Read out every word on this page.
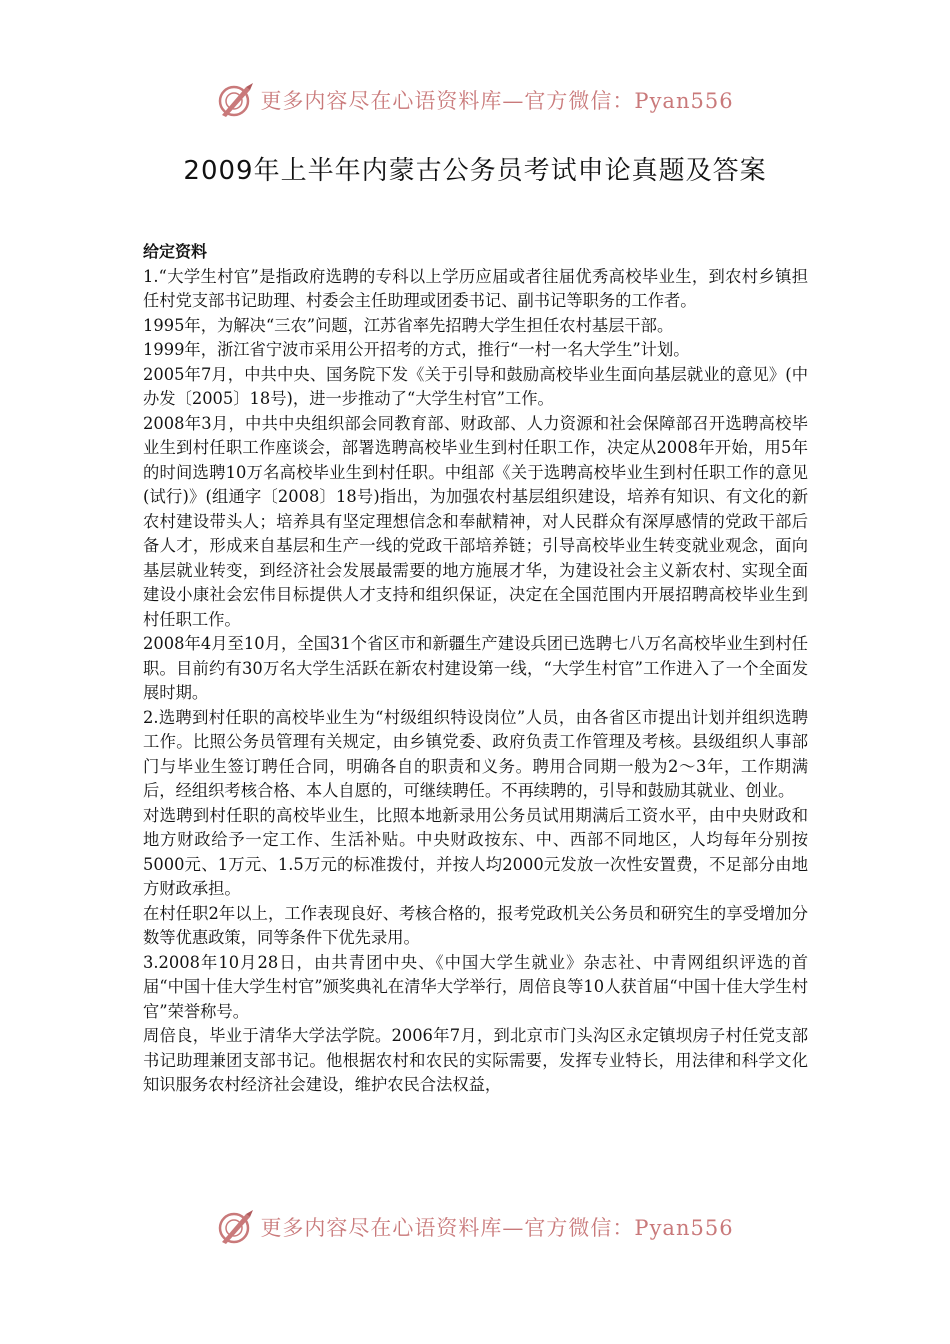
更多内容尽在心语资料库—官方微信：Pyan556
2009年上半年内蒙古公务员考试申论真题及答案
给定资料

1.“大学生村官”是指政府选聘的专科以上学历应届或者往届优秀高校毕业生，到农村乡镇担任村党支部书记助理、村委会主任助理或团委书记、副书记等职务的工作者。

1995年，为解决“三农”问题，江苏省率先招聘大学生担任农村基层干部。

1999年，浙江省宁波市采用公开招考的方式，推行“一村一名大学生”计划。

2005年7月，中共中央、国务院下发《关于引导和鼓励高校毕业生面向基层就业的意见》(中办发〔2005〕18号)，进一步推动了“大学生村官”工作。

2008年3月，中共中央组织部会同教育部、财政部、人力资源和社会保障部召开选聘高校毕业生到村任职工作座谈会，部署选聘高校毕业生到村任职工作，决定从2008年开始，用5年的时间选聘10万名高校毕业生到村任职。中组部《关于选聘高校毕业生到村任职工作的意见(试行)》(组通字〔2008〕18号)指出，为加强农村基层组织建设，培养有知识、有文化的新农村建设带头人；培养具有坚定理想信念和奉献精神，对人民群众有深厚感情的党政干部后备人才，形成来自基层和生产一线的党政干部培养链；引导高校毕业生转变就业观念，面向基层就业转变，到经济社会发展最需要的地方施展才华，为建设社会主义新农村、实现全面建设小康社会宏伟目标提供人才支持和组织保证，决定在全国范围内开展招聘高校毕业生到村任职工作。

2008年4月至10月，全国31个省区市和新疆生产建设兵团已选聘七八万名高校毕业生到村任职。目前约有30万名大学生活跃在新农村建设第一线，“大学生村官”工作进入了一个全面发展时期。

2.选聘到村任职的高校毕业生为“村级组织特设岗位”人员，由各省区市提出计划并组织选聘工作。比照公务员管理有关规定，由乡镇党委、政府负责工作管理及考核。县级组织人事部门与毕业生签订聘任合同，明确各自的职责和义务。聘用合同期一般为2～3年，工作期满后，经组织考核合格、本人自愿的，可继续聘任。不再续聘的，引导和鼓励其就业、创业。

对选聘到村任职的高校毕业生，比照本地新录用公务员试用期满后工资水平，由中央财政和地方财政给予一定工作、生活补贴。中央财政按东、中、西部不同地区，人均每年分别按5000元、1万元、1.5万元的标准拨付，并按人均2000元发放一次性安置费，不足部分由地方财政承担。

在村任职2年以上，工作表现良好、考核合格的，报考党政机关公务员和研究生的享受增加分数等优惠政策，同等条件下优先录用。

3.2008年10月28日，由共青团中央、《中国大学生就业》杂志社、中青网组织评选的首届“中国十佳大学生村官”颁奖典礼在清华大学举行，周倍良等10人获首届“中国十佳大学生村官”荣誉称号。

周倍良，毕业于清华大学法学院。2006年7月，到北京市门头沟区永定镇坝房子村任党支部书记助理兼团支部书记。他根据农村和农民的实际需要，发挥专业特长，用法律和科学文化知识服务农村经济社会建设，维护农民合法权益，

更多内容尽在心语资料库—官方微信：Pyan556
